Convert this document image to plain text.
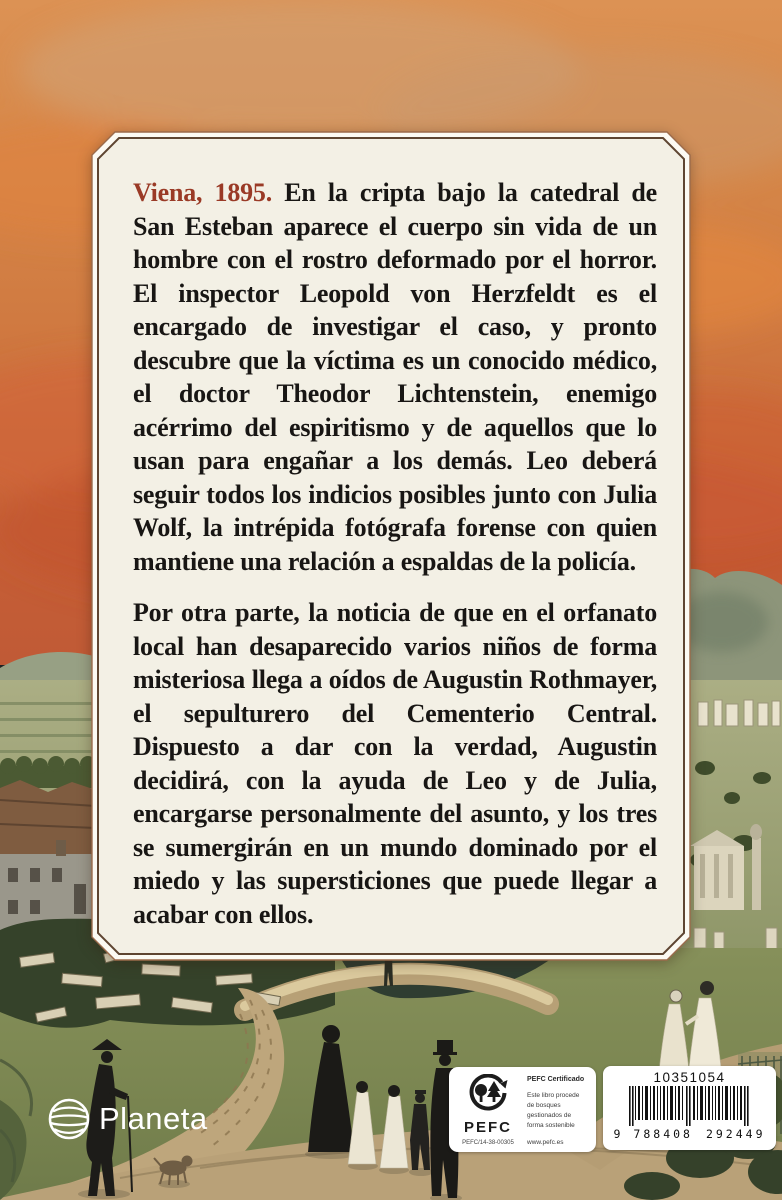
Viena, 1895. En la cripta bajo la catedral de San Esteban aparece el cuerpo sin vida de un hombre con el rostro deformado por el horror. El inspector Leopold von Herzfeldt es el encargado de investigar el caso, y pronto descubre que la víctima es un conocido médico, el doctor Theodor Lichtenstein, enemigo acérrimo del espiritismo y de aquellos que lo usan para engañar a los demás. Leo deberá seguir todos los indicios posibles junto con Julia Wolf, la intrépida fotógrafa forense con quien mantiene una relación a espaldas de la policía.

Por otra parte, la noticia de que en el orfanato local han desaparecido varios niños de forma misteriosa llega a oídos de Augustin Rothmayer, el sepulturero del Cementerio Central. Dispuesto a dar con la verdad, Augustin decidirá, con la ayuda de Leo y de Julia, encargarse personalmente del asunto, y los tres se sumergirán en un mundo dominado por el miedo y las supersticiones que puede llegar a acabar con ellos.

Planeta	PEFC
PEFC/14-38-00305
PEFC Certificado
Este libro procede de bosques gestionados de forma sostenible
www.pefc.es
10351054
9 788408 292449
